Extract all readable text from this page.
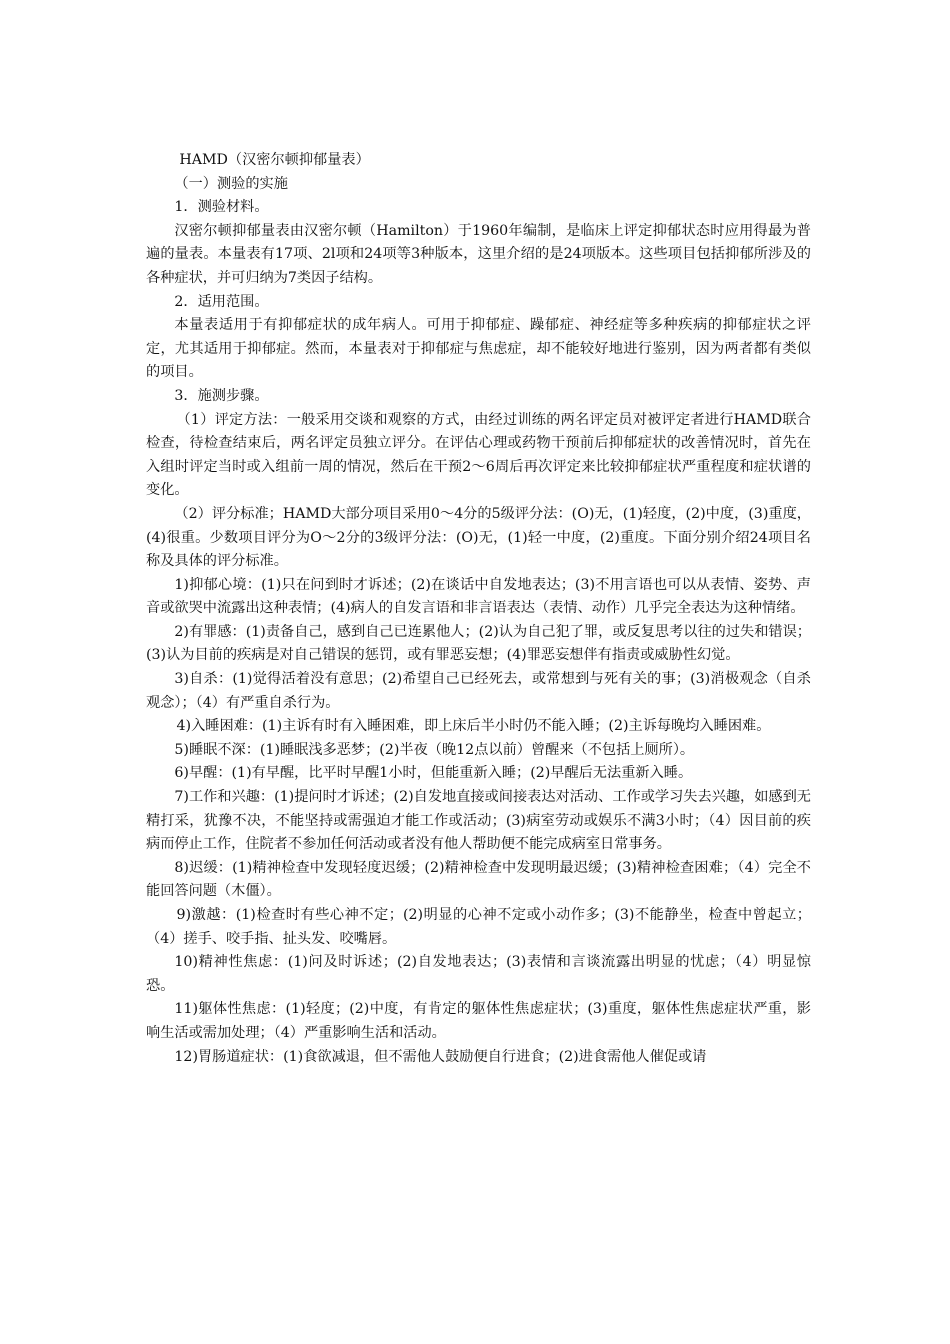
HAMD（汉密尔顿抑郁量表）

（一）测验的实施

1．测验材料。

汉密尔顿抑郁量表由汉密尔顿（Hamilton）于1960年编制，是临床上评定抑郁状态时应用得最为普遍的量表。本量表有17项、2l项和24项等3种版本，这里介绍的是24项版本。这些项目包括抑郁所涉及的各种症状，并可归纳为7类因子结构。

2．适用范围。

本量表适用于有抑郁症状的成年病人。可用于抑郁症、躁郁症、神经症等多种疾病的抑郁症状之评定，尤其适用于抑郁症。然而，本量表对于抑郁症与焦虑症，却不能较好地进行鉴别，因为两者都有类似的项目。

3．施测步骤。

（1）评定方法：一般采用交谈和观察的方式，由经过训练的两名评定员对被评定者进行HAMD联合检查，待检查结束后，两名评定员独立评分。在评估心理或药物干预前后抑郁症状的改善情况时，首先在入组时评定当时或入组前一周的情况，然后在干预2～6周后再次评定来比较抑郁症状严重程度和症状谱的变化。

（2）评分标准；HAMD大部分项目采用0～4分的5级评分法：(O)无，(1)轻度，(2)中度，(3)重度，(4)很重。少数项目评分为O～2分的3级评分法：(O)无，(1)轻一中度，(2)重度。下面分别介绍24项目名称及具体的评分标准。

1)抑郁心境：(1)只在问到时才诉述；(2)在谈话中自发地表达；(3)不用言语也可以从表情、姿势、声音或欲哭中流露出这种表情；(4)病人的自发言语和非言语表达（表情、动作）几乎完全表达为这种情绪。

2)有罪感：(1)责备自己，感到自己已连累他人；(2)认为自己犯了罪，或反复思考以往的过失和错误；(3)认为目前的疾病是对自己错误的惩罚，或有罪恶妄想；(4)罪恶妄想伴有指责或威胁性幻觉。

3)自杀：(1)觉得活着没有意思；(2)希望自己已经死去，或常想到与死有关的事；(3)消极观念（自杀观念）；（4）有严重自杀行为。

4)入睡困难：(1)主诉有时有入睡困难，即上床后半小时仍不能入睡；(2)主诉每晚均入睡困难。

5)睡眠不深：(1)睡眠浅多恶梦；(2)半夜（晚12点以前）曾醒来（不包括上厕所）。

6)早醒：(1)有早醒，比平时早醒1小时，但能重新入睡；(2)早醒后无法重新入睡。

7)工作和兴趣：(1)提问时才诉述；(2)自发地直接或间接表达对活动、工作或学习失去兴趣，如感到无精打采，犹豫不决，不能坚持或需强迫才能工作或活动；(3)病室劳动或娱乐不满3小时；（4）因目前的疾病而停止工作，住院者不参加任何活动或者没有他人帮助便不能完成病室日常事务。

8)迟缓：(1)精神检查中发现轻度迟缓；(2)精神检查中发现明最迟缓；(3)精神检查困难；（4）完全不能回答问题（木僵）。

9)激越：(1)检查时有些心神不定；(2)明显的心神不定或小动作多；(3)不能静坐，检查中曾起立；（4）搓手、咬手指、扯头发、咬嘴唇。

10)精神性焦虑：(1)问及时诉述；(2)自发地表达；(3)表情和言谈流露出明显的忧虑；（4）明显惊恐。

11)躯体性焦虑：(1)轻度；(2)中度，有肯定的躯体性焦虑症状；(3)重度，躯体性焦虑症状严重，影响生活或需加处理；（4）严重影响生活和活动。

12)胃肠道症状：(1)食欲减退，但不需他人鼓励便自行进食；(2)进食需他人催促或请
